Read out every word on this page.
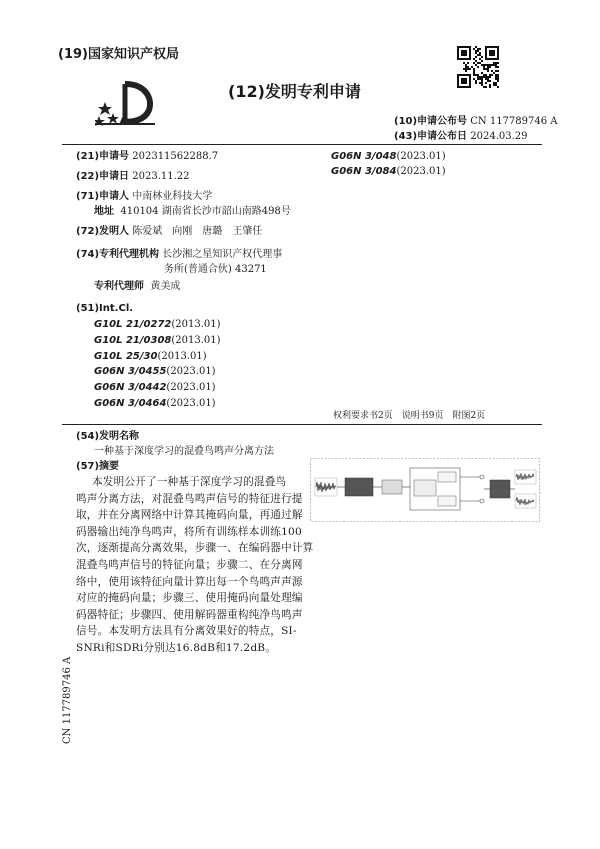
(19)国家知识产权局
(12)发明专利申请
(10)申请公布号 CN 117789746 A
(43)申请公布日 2024.03.29
(21)申请号 202311562288.7
(22)申请日 2023.11.22
(71)申请人 中南林业科技大学
地址 410104 湖南省长沙市韶山南路498号
(72)发明人 陈爱斌　向刚　唐璐　王肇任
(74)专利代理机构 长沙湘之星知识产权代理事
务所(普通合伙) 43271
专利代理师 黄美成
(51)Int.Cl.
G10L 21/0272(2013.01)
G10L 21/0308(2013.01)
G10L 25/30(2013.01)
G06N 3/0455(2023.01)
G06N 3/0442(2023.01)
G06N 3/0464(2023.01)
G06N 3/048(2023.01)
G06N 3/084(2023.01)
权利要求书2页　说明书9页　附图2页
(54)发明名称
一种基于深度学习的混叠鸟鸣声分离方法
(57)摘要
本发明公开了一种基于深度学习的混叠鸟
鸣声分离方法，对混叠鸟鸣声信号的特征进行提
取，并在分离网络中计算其掩码向量，再通过解
码器输出纯净鸟鸣声，将所有训练样本训练100
次，逐渐提高分离效果，步骤一、在编码器中计算
混叠鸟鸣声信号的特征向量；步骤二、在分离网
络中，使用该特征向量计算出每一个鸟鸣声声源
对应的掩码向量；步骤三、使用掩码向量处理编
码器特征；步骤四、使用解码器重构纯净鸟鸣声
信号。本发明方法具有分离效果好的特点，SI-
SNRi和SDRi分别达16.8dB和17.2dB。
CN 117789746 A
